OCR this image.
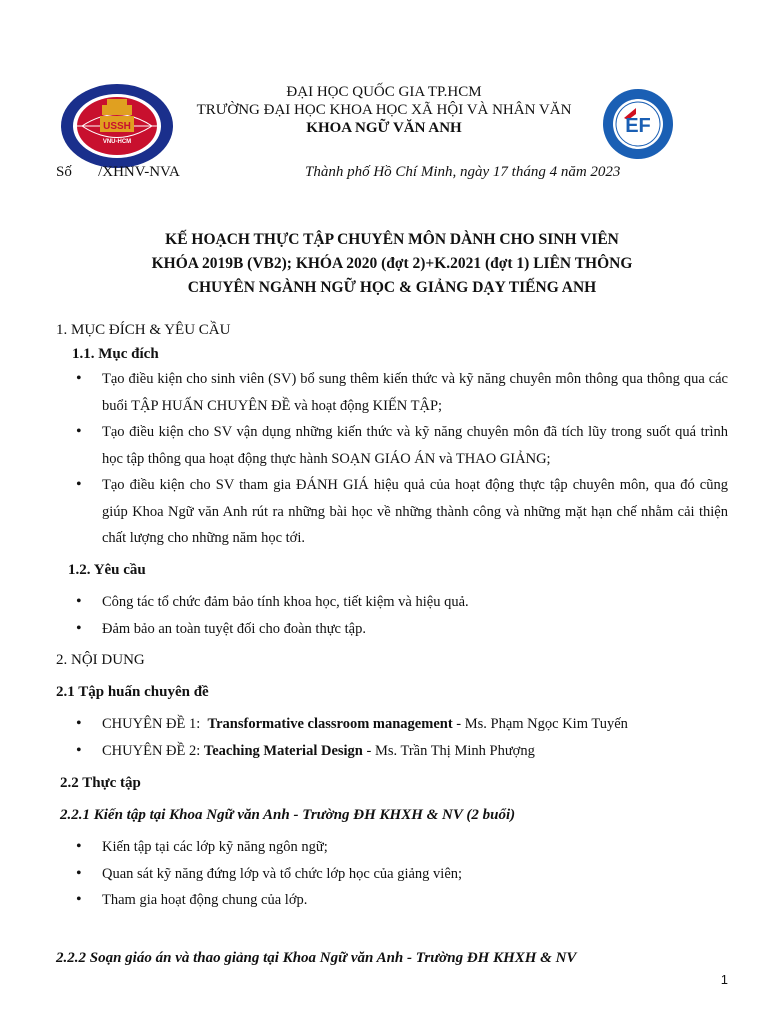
USSH
VNU-HCM
EF
ĐẠI HỌC QUỐC GIA TP.HCM
TRƯỜNG ĐẠI HỌC KHOA HỌC XÃ HỘI VÀ NHÂN VĂN
KHOA NGỮ VĂN ANH
Số       /XHNV-NVA	Thành phố Hồ Chí Minh, ngày 17 tháng 4 năm 2023
KẾ HOẠCH THỰC TẬP CHUYÊN MÔN DÀNH CHO SINH VIÊN
KHÓA 2019B (VB2); KHÓA 2020 (đợt 2)+K.2021 (đợt 1) LIÊN THÔNG
CHUYÊN NGÀNH NGỮ HỌC & GIẢNG DẠY TIẾNG ANH
1. MỤC ĐÍCH & YÊU CẦU
1.1. Mục đích
• Tạo điều kiện cho sinh viên (SV) bổ sung thêm kiến thức và kỹ năng chuyên môn thông qua thông qua các buổi TẬP HUẤN CHUYÊN ĐỀ và hoạt động KIẾN TẬP;
• Tạo điều kiện cho SV vận dụng những kiến thức và kỹ năng chuyên môn đã tích lũy trong suốt quá trình học tập thông qua hoạt động thực hành SOẠN GIÁO ÁN và THAO GIẢNG;
• Tạo điều kiện cho SV tham gia ĐÁNH GIÁ hiệu quả của hoạt động thực tập chuyên môn, qua đó cũng giúp Khoa Ngữ văn Anh rút ra những bài học về những thành công và những mặt hạn chế nhằm cải thiện chất lượng cho những năm học tới.
1.2. Yêu cầu
• Công tác tổ chức đảm bảo tính khoa học, tiết kiệm và hiệu quả.
• Đảm bảo an toàn tuyệt đối cho đoàn thực tập.
2. NỘI DUNG
2.1 Tập huấn chuyên đề
• CHUYÊN ĐỀ 1:  Transformative classroom management - Ms. Phạm Ngọc Kim Tuyến
• CHUYÊN ĐỀ 2: Teaching Material Design - Ms. Trần Thị Minh Phượng
2.2 Thực tập
2.2.1 Kiến tập tại Khoa Ngữ văn Anh - Trường ĐH KHXH & NV (2 buổi)
• Kiến tập tại các lớp kỹ năng ngôn ngữ;
• Quan sát kỹ năng đứng lớp và tổ chức lớp học của giảng viên;
• Tham gia hoạt động chung của lớp.
2.2.2 Soạn giáo án và thao giảng tại Khoa Ngữ văn Anh - Trường ĐH KHXH & NV
1
